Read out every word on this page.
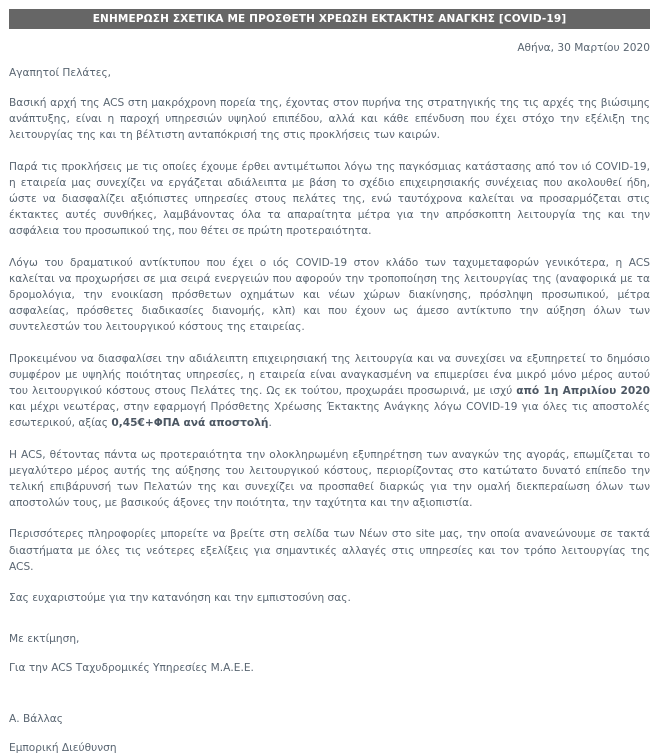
ΕΝΗΜΕΡΩΣΗ ΣΧΕΤΙΚΑ ΜΕ ΠΡΟΣΘΕΤΗ ΧΡΕΩΣΗ ΕΚΤΑΚΤΗΣ ΑΝΑΓΚΗΣ [COVID-19]
Αθήνα, 30 Μαρτίου 2020

Αγαπητοί Πελάτες,

Βασική αρχή της ACS στη μακρόχρονη πορεία της, έχοντας στον πυρήνα της στρατηγικής της τις αρχές της βιώσιμης ανάπτυξης, είναι η παροχή υπηρεσιών υψηλού επιπέδου, αλλά και κάθε επένδυση που έχει στόχο την εξέλιξη της λειτουργίας της και τη βέλτιστη ανταπόκρισή της στις προκλήσεις των καιρών.

Παρά τις προκλήσεις με τις οποίες έχουμε έρθει αντιμέτωποι λόγω της παγκόσμιας κατάστασης από τον ιό COVID-19, η εταιρεία μας συνεχίζει να εργάζεται αδιάλειπτα με βάση το σχέδιο επιχειρησιακής συνέχειας που ακολουθεί ήδη, ώστε να διασφαλίζει αξιόπιστες υπηρεσίες στους πελάτες της, ενώ ταυτόχρονα καλείται να προσαρμόζεται στις έκτακτες αυτές συνθήκες, λαμβάνοντας όλα τα απαραίτητα μέτρα για την απρόσκοπτη λειτουργία της και την ασφάλεια του προσωπικού της, που θέτει σε πρώτη προτεραιότητα.

Λόγω του δραματικού αντίκτυπου που έχει ο ιός COVID-19 στον κλάδο των ταχυμεταφορών γενικότερα, η ACS καλείται να προχωρήσει σε μια σειρά ενεργειών που αφορούν την τροποποίηση της λειτουργίας της (αναφορικά με τα δρομολόγια, την ενοικίαση πρόσθετων οχημάτων και νέων χώρων διακίνησης, πρόσληψη προσωπικού, μέτρα ασφαλείας, πρόσθετες διαδικασίες διανομής, κλπ) και που έχουν ως άμεσο αντίκτυπο την αύξηση όλων των συντελεστών του λειτουργικού κόστους της εταιρείας.

Προκειμένου να διασφαλίσει την αδιάλειπτη επιχειρησιακή της λειτουργία και να συνεχίσει να εξυπηρετεί το δημόσιο συμφέρον με υψηλής ποιότητας υπηρεσίες, η εταιρεία είναι αναγκασμένη να επιμερίσει ένα μικρό μόνο μέρος αυτού του λειτουργικού κόστους στους Πελάτες της. Ως εκ τούτου, προχωράει προσωρινά, με ισχύ από 1η Απριλίου 2020 και μέχρι νεωτέρας, στην εφαρμογή Πρόσθετης Χρέωσης Έκτακτης Ανάγκης λόγω COVID-19 για όλες τις αποστολές εσωτερικού, αξίας 0,45€+ΦΠΑ ανά αποστολή.

Η ACS, θέτοντας πάντα ως προτεραιότητα την ολοκληρωμένη εξυπηρέτηση των αναγκών της αγοράς, επωμίζεται το μεγαλύτερο μέρος αυτής της αύξησης του λειτουργικού κόστους, περιορίζοντας στο κατώτατο δυνατό επίπεδο την τελική επιβάρυνσή των Πελατών της και συνεχίζει να προσπαθεί διαρκώς για την ομαλή διεκπεραίωση όλων των αποστολών τους, με βασικούς άξονες την ποιότητα, την ταχύτητα και την αξιοπιστία.

Περισσότερες πληροφορίες μπορείτε να βρείτε στη σελίδα των Νέων στο site μας, την οποία ανανεώνουμε σε τακτά διαστήματα με όλες τις νεότερες εξελίξεις για σημαντικές αλλαγές στις υπηρεσίες και τον τρόπο λειτουργίας της ACS.

Σας ευχαριστούμε για την κατανόηση και την εμπιστοσύνη σας.

Με εκτίμηση,

Για την ACS Ταχυδρομικές Υπηρεσίες Μ.Α.Ε.Ε.

Α. Βάλλας

Εμπορική Διεύθυνση
